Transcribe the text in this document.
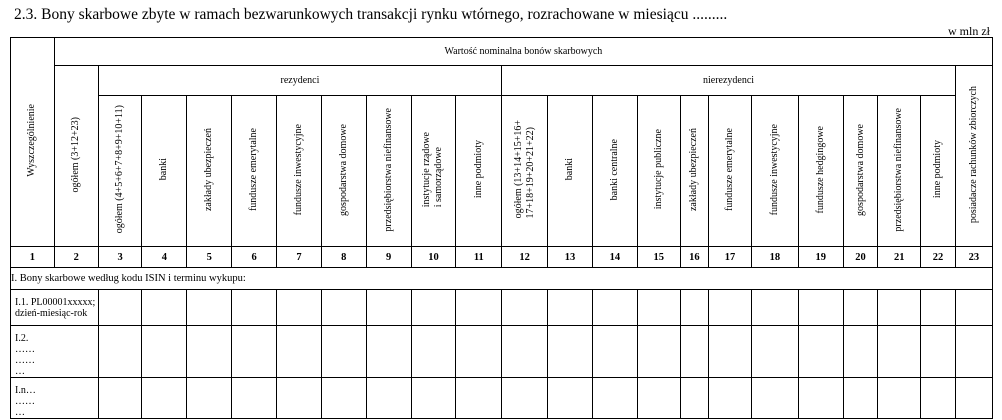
2.3. Bony skarbowe zbyte w ramach bezwarunkowych transakcji rynku wtórnego, rozrachowane w miesiącu .........
w mln zł
Wyszczególnienie	Wartość nominalna bonów skarbowych																					
	ogółem (3+12+23)	rezydenci									nierezydenci											posiadacze rachunków zbiorczych
		ogółem (4+5+6+7+8+9+10+11)	banki	zakłady ubezpieczeń	fundusze emerytalne	fundusze inwestycyjne	gospodarstwa domowe	przedsiębiorstwa niefinansowe	instytucje rządowei samorządowe	inne podmioty	ogółem (13+14+15+16+17+18+19+20+21+22)	banki	banki centralne	instytucje publiczne	zakłady ubezpieczeń	fundusze emerytalne	fundusze inwestycyjne	fundusze hedgingowe	gospodarstwa domowe	przedsiębiorstwa niefinansowe	inne podmioty	

1	2	3	4	5	6	7	8	9	10	11	12	13	14	15	16	17	18	19	20	21	22	23
I. Bony skarbowe według kodu ISIN i terminu wykupu:																						

I.1. PL00001xxxxx;
dzień-miesiąc-rok																						

I.2.
……
……
…																						

I.n…
……
…																						
